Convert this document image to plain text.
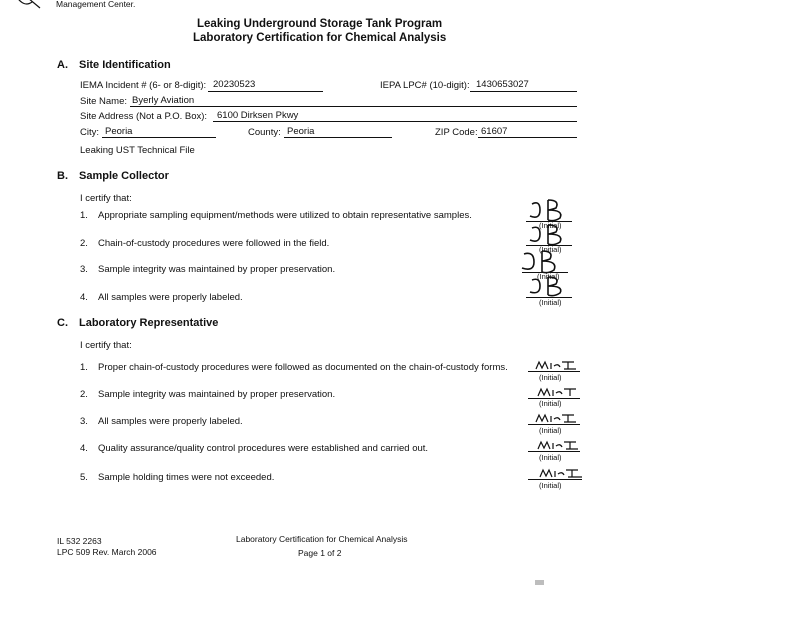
Management Center.
Leaking Underground Storage Tank Program
Laboratory Certification for Chemical Analysis
A. Site Identification
IEMA Incident # (6- or 8-digit): 20230523	IEPA LPC# (10-digit): 1430653027
Site Name: Byerly Aviation
Site Address (Not a P.O. Box): 6100 Dirksen Pkwy
City: Peoria	County: Peoria	ZIP Code: 61607
Leaking UST Technical File
B. Sample Collector
I certify that:
1. Appropriate sampling equipment/methods were utilized to obtain representative samples.
2. Chain-of-custody procedures were followed in the field.
3. Sample integrity was maintained by proper preservation.
4. All samples were properly labeled.
(Initial)
(Initial)
(Initial)
(Initial)
C. Laboratory Representative
I certify that:
1. Proper chain-of-custody procedures were followed as documented on the chain-of-custody forms.
2. Sample integrity was maintained by proper preservation.
3. All samples were properly labeled.
4. Quality assurance/quality control procedures were established and carried out.
5. Sample holding times were not exceeded.
(Initial)
(Initial)
(Initial)
(Initial)
(Initial)
IL 532 2263
LPC 509 Rev. March 2006
Laboratory Certification for Chemical Analysis
Page 1 of 2
